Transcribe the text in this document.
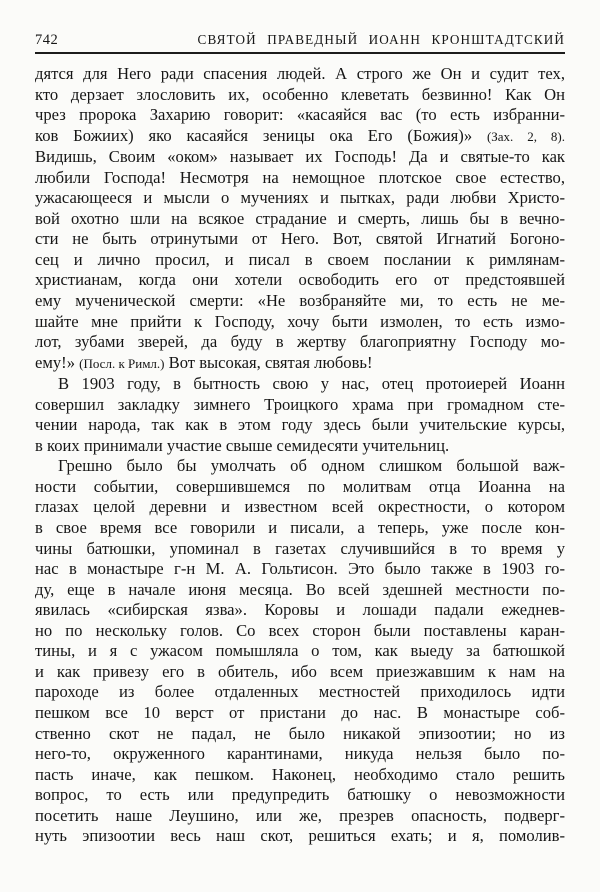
742	СВЯТОЙ ПРАВЕДНЫЙ ИОАНН КРОНШТАДТСКИЙ
дятся для Него ради спасения людей. А строго же Он и судит тех,
кто дерзает злословить их, особенно клеветать безвинно! Как Он
чрез пророка Захарию говорит: «касаяйся вас (то есть избранни-
ков Божиих) яко касаяйся зеницы ока Его (Божия)» (Зах. 2, 8).
Видишь, Своим «оком» называет их Господь! Да и святые-то как
любили Господа! Несмотря на немощное плотское свое естество,
ужасающееся и мысли о мучениях и пытках, ради любви Христо-
вой охотно шли на всякое страдание и смерть, лишь бы в вечно-
сти не быть отринутыми от Него. Вот, святой Игнатий Богоно-
сец и лично просил, и писал в своем послании к римлянам-
христианам, когда они хотели освободить его от предстоявшей
ему мученической смерти: «Не возбраняйте ми, то есть не ме-
шайте мне прийти к Господу, хочу быти измолен, то есть измо-
лот, зубами зверей, да буду в жертву благоприятну Господу мо-
ему!» (Посл. к Римл.) Вот высокая, святая любовь!
В 1903 году, в бытность свою у нас, отец протоиерей Иоанн
совершил закладку зимнего Троицкого храма при громадном сте-
чении народа, так как в этом году здесь были учительские курсы,
в коих принимали участие свыше семидесяти учительниц.
Грешно было бы умолчать об одном слишком большой важ-
ности событии, совершившемся по молитвам отца Иоанна на
глазах целой деревни и известном всей окрестности, о котором
в свое время все говорили и писали, а теперь, уже после кон-
чины батюшки, упоминал в газетах случившийся в то время у
нас в монастыре г-н М. А. Гольтисон. Это было также в 1903 го-
ду, еще в начале июня месяца. Во всей здешней местности по-
явилась «сибирская язва». Коровы и лошади падали ежеднев-
но по нескольку голов. Со всех сторон были поставлены каран-
тины, и я с ужасом помышляла о том, как выеду за батюшкой
и как привезу его в обитель, ибо всем приезжавшим к нам на
пароходе из более отдаленных местностей приходилось идти
пешком все 10 верст от пристани до нас. В монастыре соб-
ственно скот не падал, не было никакой эпизоотии; но из
него-то, окруженного карантинами, никуда нельзя было по-
пасть иначе, как пешком. Наконец, необходимо стало решить
вопрос, то есть или предупредить батюшку о невозможности
посетить наше Леушино, или же, презрев опасность, подверг-
нуть эпизоотии весь наш скот, решиться ехать; и я, помолив-
